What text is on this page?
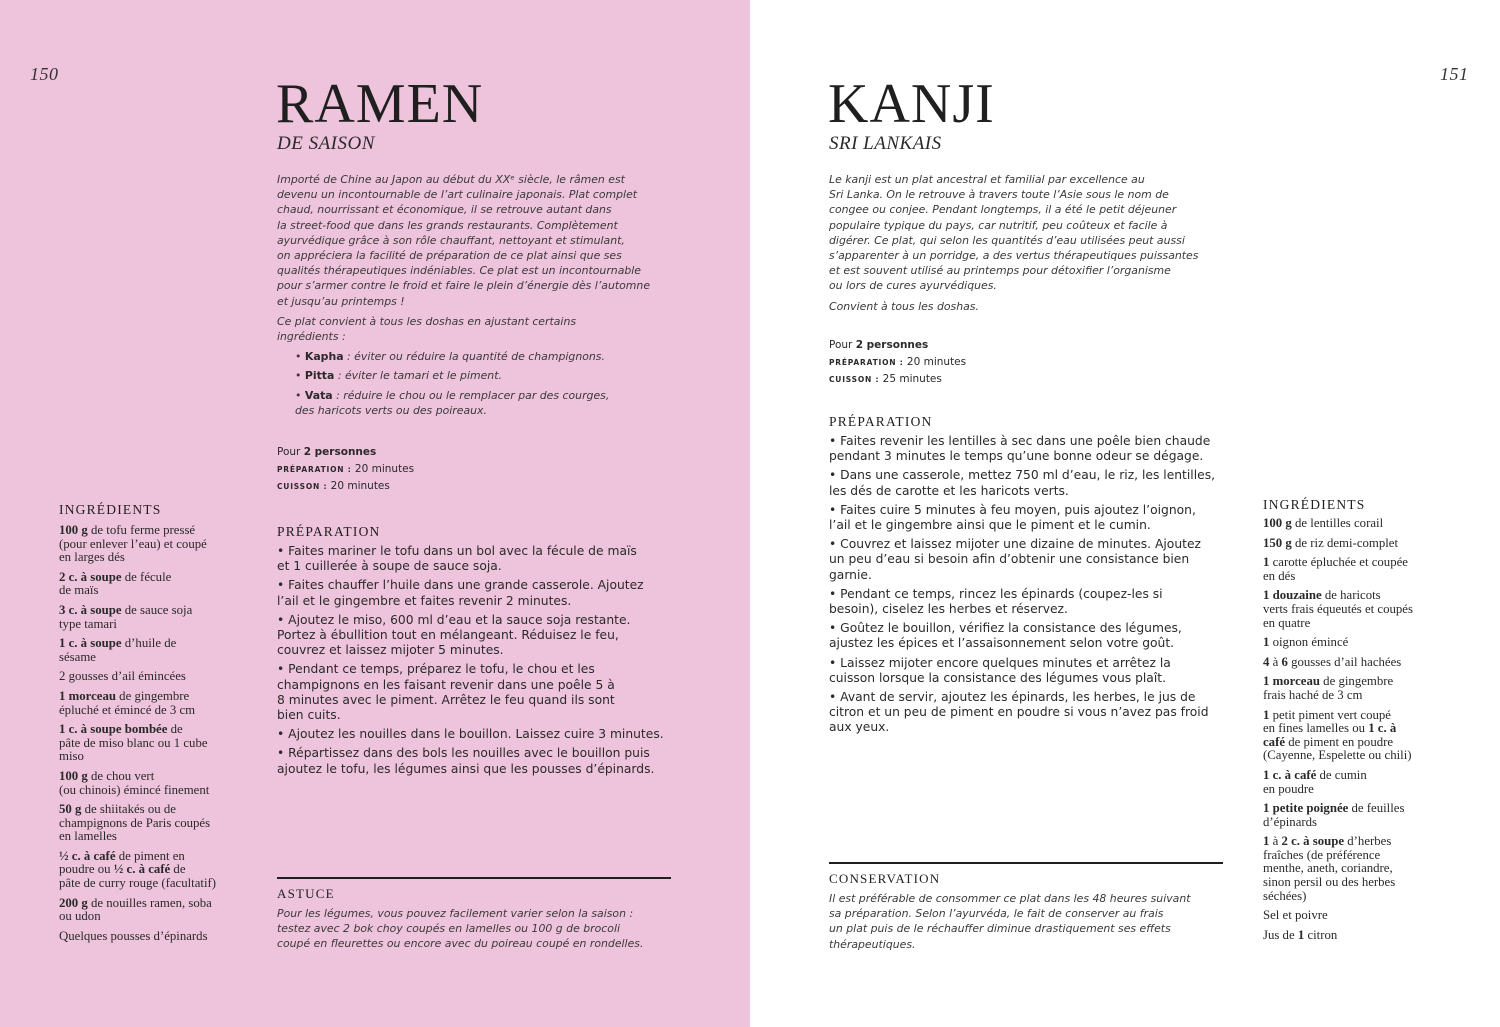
150	RAMEN
DE SAISON

Importé de Chine au Japon au début du XXᵉ siècle, le râmen est

devenu un incontournable de l’art culinaire japonais. Plat complet

chaud, nourrissant et économique, il se retrouve autant dans

la street-food que dans les grands restaurants. Complètement

ayurvédique grâce à son rôle chauffant, nettoyant et stimulant,

on appréciera la facilité de préparation de ce plat ainsi que ses

qualités thérapeutiques indéniables. Ce plat est un incontournable

pour s’armer contre le froid et faire le plein d’énergie dès l’automne

et jusqu’au printemps !

Ce plat convient à tous les doshas en ajustant certains

ingrédients :

• Kapha : éviter ou réduire la quantité de champignons.
• Pitta : éviter le tamari et le piment.
• Vata : réduire le chou ou le remplacer par des courges,
des haricots verts ou des poireaux.
Pour 2 personnes
PRÉPARATION : 20 minutes
CUISSON : 20 minutes
INGRÉDIENTS
100 g de tofu ferme pressé
(pour enlever l’eau) et coupé
en larges dés
2 c. à soupe de fécule
de maïs
3 c. à soupe de sauce soja
type tamari
1 c. à soupe d’huile de
sésame
2 gousses d’ail émincées
1 morceau de gingembre
épluché et émincé de 3 cm
1 c. à soupe bombée de
pâte de miso blanc ou 1 cube
miso
100 g de chou vert
(ou chinois) émincé finement
50 g de shiitakés ou de
champignons de Paris coupés
en lamelles
½ c. à café de piment en
poudre ou ½ c. à café de
pâte de curry rouge (facultatif)
200 g de nouilles ramen, soba
ou udon
Quelques pousses d’épinards
PRÉPARATION
• Faites mariner le tofu dans un bol avec la fécule de maïs
et 1 cuillerée à soupe de sauce soja.
• Faites chauffer l’huile dans une grande casserole. Ajoutez
l’ail et le gingembre et faites revenir 2 minutes.
• Ajoutez le miso, 600 ml d’eau et la sauce soja restante.
Portez à ébullition tout en mélangeant. Réduisez le feu,
couvrez et laissez mijoter 5 minutes.
• Pendant ce temps, préparez le tofu, le chou et les
champignons en les faisant revenir dans une poêle 5 à
8 minutes avec le piment. Arrêtez le feu quand ils sont
bien cuits.
• Ajoutez les nouilles dans le bouillon. Laissez cuire 3 minutes.
• Répartissez dans des bols les nouilles avec le bouillon puis
ajoutez le tofu, les légumes ainsi que les pousses d’épinards.
ASTUCE
Pour les légumes, vous pouvez facilement varier selon la saison :
testez avec 2 bok choy coupés en lamelles ou 100 g de brocoli
coupé en fleurettes ou encore avec du poireau coupé en rondelles.
151
KANJI
SRI LANKAIS

Le kanji est un plat ancestral et familial par excellence au

Sri Lanka. On le retrouve à travers toute l’Asie sous le nom de

congee ou conjee. Pendant longtemps, il a été le petit déjeuner

populaire typique du pays, car nutritif, peu coûteux et facile à

digérer. Ce plat, qui selon les quantités d’eau utilisées peut aussi

s’apparenter à un porridge, a des vertus thérapeutiques puissantes

et est souvent utilisé au printemps pour détoxifier l’organisme

ou lors de cures ayurvédiques.

Convient à tous les doshas.

Pour 2 personnes
PRÉPARATION : 20 minutes
CUISSON : 25 minutes
PRÉPARATION
• Faites revenir les lentilles à sec dans une poêle bien chaude
pendant 3 minutes le temps qu’une bonne odeur se dégage.
• Dans une casserole, mettez 750 ml d’eau, le riz, les lentilles,
les dés de carotte et les haricots verts.
• Faites cuire 5 minutes à feu moyen, puis ajoutez l’oignon,
l’ail et le gingembre ainsi que le piment et le cumin.
• Couvrez et laissez mijoter une dizaine de minutes. Ajoutez
un peu d’eau si besoin afin d’obtenir une consistance bien
garnie.
• Pendant ce temps, rincez les épinards (coupez-les si
besoin), ciselez les herbes et réservez.
• Goûtez le bouillon, vérifiez la consistance des légumes,
ajustez les épices et l’assaisonnement selon votre goût.
• Laissez mijoter encore quelques minutes et arrêtez la
cuisson lorsque la consistance des légumes vous plaît.
• Avant de servir, ajoutez les épinards, les herbes, le jus de
citron et un peu de piment en poudre si vous n’avez pas froid
aux yeux.
INGRÉDIENTS
100 g de lentilles corail
150 g de riz demi-complet
1 carotte épluchée et coupée
en dés
1 douzaine de haricots
verts frais équeutés et coupés
en quatre
1 oignon émincé
4 à 6 gousses d’ail hachées
1 morceau de gingembre
frais haché de 3 cm
1 petit piment vert coupé
en fines lamelles ou 1 c. à
café de piment en poudre
(Cayenne, Espelette ou chili)
1 c. à café de cumin
en poudre
1 petite poignée de feuilles
d’épinards
1 à 2 c. à soupe d’herbes
fraîches (de préférence
menthe, aneth, coriandre,
sinon persil ou des herbes
séchées)
Sel et poivre
Jus de 1 citron
CONSERVATION
Il est préférable de consommer ce plat dans les 48 heures suivant
sa préparation. Selon l’ayurvéda, le fait de conserver au frais
un plat puis de le réchauffer diminue drastiquement ses effets
thérapeutiques.
